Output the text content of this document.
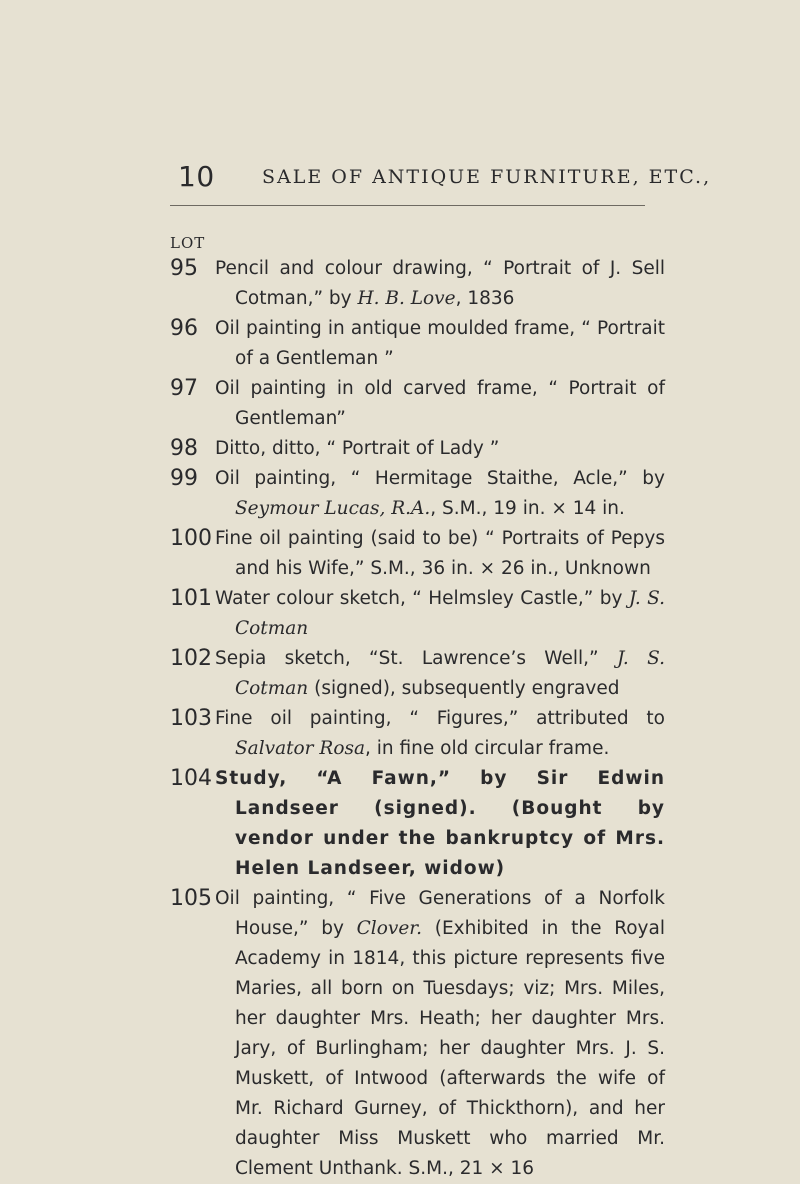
10 SALE OF ANTIQUE FURNITURE, ETC.,
LOT
95 Pencil and colour drawing, “ Portrait of J. Sell Cotman,” by H. B. Love, 1836
96 Oil painting in antique moulded frame, “ Portrait of a Gentleman ”
97 Oil painting in old carved frame, “ Portrait of Gentleman”
98 Ditto, ditto, “ Portrait of Lady ”
99 Oil painting, “ Hermitage Staithe, Acle,” by Seymour Lucas, R.A., S.M., 19 in. × 14 in.
100 Fine oil painting (said to be) “ Portraits of Pepys and his Wife,” S.M., 36 in. × 26 in., Unknown
101 Water colour sketch, “ Helmsley Castle,” by J. S. Cotman
102 Sepia sketch, “St. Lawrence’s Well,” J. S. Cotman (signed), subsequently engraved
103 Fine oil painting, “ Figures,” attributed to Salvator Rosa, in fine old circular frame.
104 Study, “A Fawn,” by Sir Edwin Landseer (signed). (Bought by vendor under the bankruptcy of Mrs. Helen Landseer, widow)
105 Oil painting, “ Five Generations of a Norfolk House,” by Clover. (Exhibited in the Royal Academy in 1814, this picture represents five Maries, all born on Tuesdays; viz; Mrs. Miles, her daughter Mrs. Heath; her daughter Mrs. Jary, of Burlingham; her daughter Mrs. J. S. Muskett, of Intwood (afterwards the wife of Mr. Richard Gurney, of Thickthorn), and her daughter Miss Muskett who married Mr. Clement Unthank. S.M., 21 × 16
